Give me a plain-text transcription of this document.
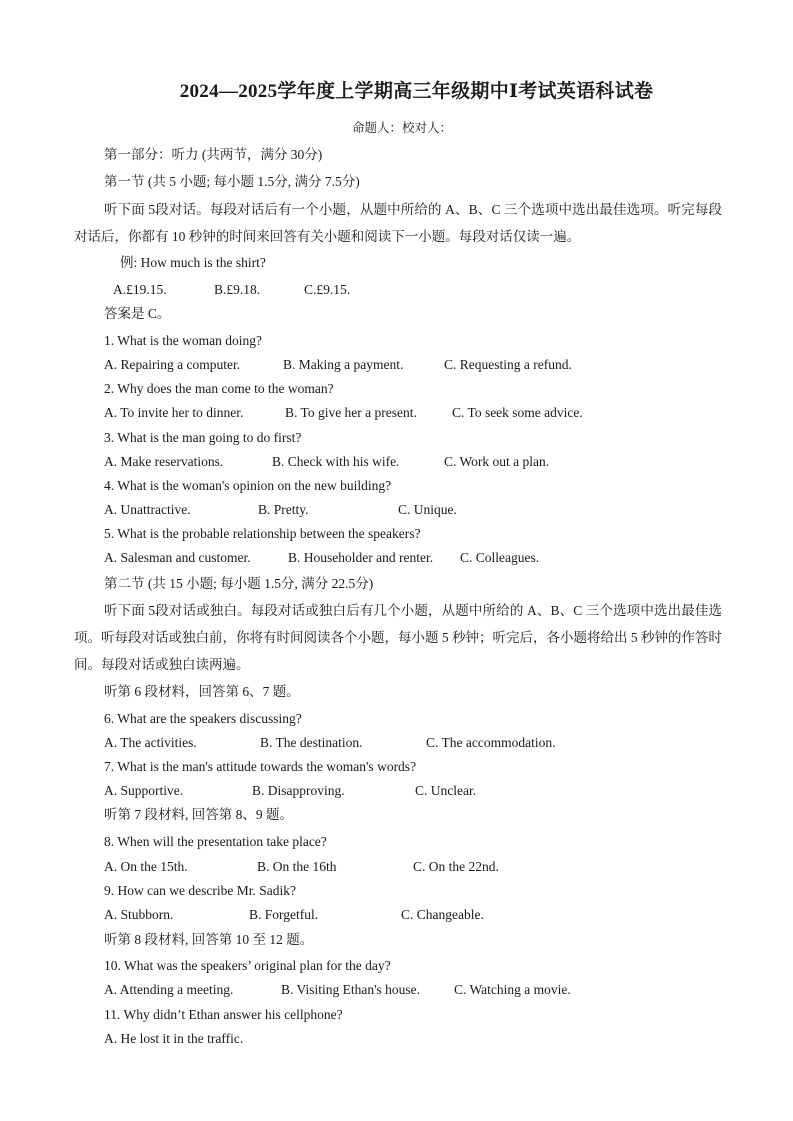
2024—2025学年度上学期高三年级期中Ⅰ考试英语科试卷
命题人：校对人：
第一部分：听力 (共两节，满分 30分)
第一节 (共 5 小题; 每小题 1.5分, 满分 7.5分)
听下面 5段对话。每段对话后有一个小题，从题中所给的 A、B、C 三个选项中选出最佳选项。听完每段对话后，你都有 10 秒钟的时间来回答有关小题和阅读下一小题。每段对话仅读一遍。
例: How much is the shirt?
A.£19.15.	B.£9.18.	C.£9.15.
答案是 C。
1. What is the woman doing?
A. Repairing a computer.	B. Making a payment.	C. Requesting a refund.
2. Why does the man come to the woman?
A. To invite her to dinner.	B. To give her a present.	C. To seek some advice.
3. What is the man going to do first?
A. Make reservations.	B. Check with his wife.	C. Work out a plan.
4. What is the woman's opinion on the new building?
A. Unattractive.	B. Pretty.	C. Unique.
5. What is the probable relationship between the speakers?
A. Salesman and customer.	B. Householder and renter. C. Colleagues.
第二节 (共 15 小题; 每小题 1.5分, 满分 22.5分)
听下面 5段对话或独白。每段对话或独白后有几个小题，从题中所给的 A、B、C 三个选项中选出最佳选项。听每段对话或独白前，你将有时间阅读各个小题，每小题 5 秒钟；听完后，各小题将给出 5 秒钟的作答时间。每段对话或独白读两遍。
听第 6 段材料，回答第 6、7 题。
6. What are the speakers discussing?
A. The activities.	B. The destination.	C. The accommodation.
7. What is the man's attitude towards the woman's words?
A. Supportive.	B. Disapproving.	C. Unclear.
听第 7 段材料, 回答第 8、9 题。
8. When will the presentation take place?
A. On the 15th.	B. On the 16th	C. On the 22nd.
9. How can we describe Mr. Sadik?
A. Stubborn.	B. Forgetful.	C. Changeable.
听第 8 段材料, 回答第 10 至 12 题。
10. What was the speakers’ original plan for the day?
A. Attending a meeting.	B. Visiting Ethan's house.	C. Watching a movie.
11. Why didn’t Ethan answer his cellphone?
A. He lost it in the traffic.
